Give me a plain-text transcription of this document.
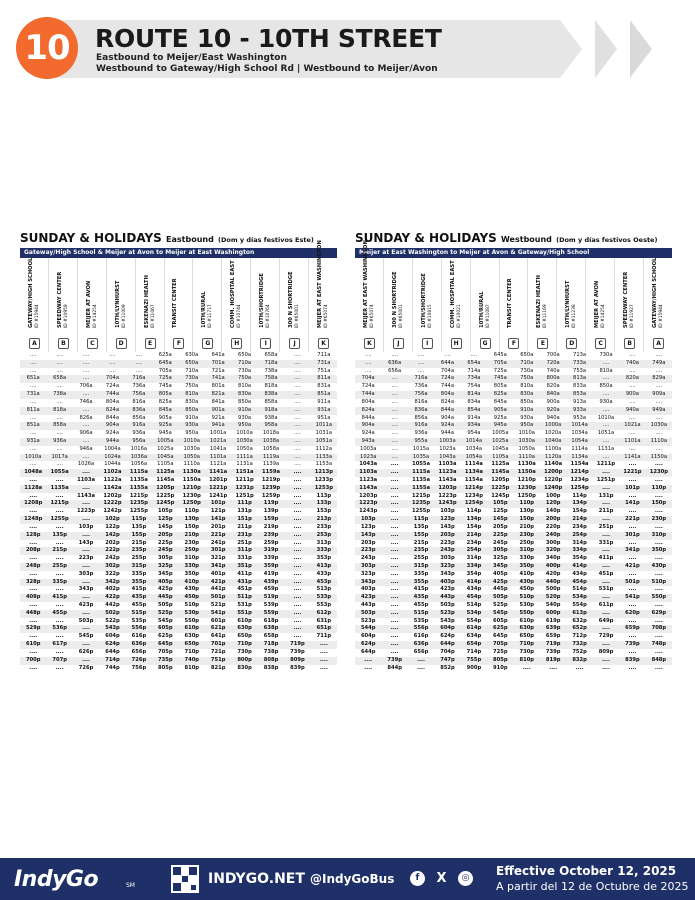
10	ROUTE 10 - 10TH STREET
Eastbound to Meijer/East Washington
Westbound to Gateway/High School Rd | Westbound to Meijer/Avon
SUNDAY & HOLIDAYS Eastbound (Dom y días festivos Este)
Gateway/High School & Meijer at Avon to Meijer at East Washington
GATEWAY/HIGH SCHOOL ID #15944
A
SPEEDWAY CENTER ID #10959
B
MEIJER AT AVON ID #14254
C
10TH/LYNHURST ID #11009
D
ESKENAZI HEALTH ID #11067
E
TRANSIT CENTER
F
10TH/RURAL ID #11717
G
COMM. HOSPITAL EAST ID #10744
H
10TH/SHORTRIDGE ID #10764
I
300 N SHORTRIDGE ID #65001
J
MEIJER AT EAST WASHINGTON ID #65074
K
....	....	....	....	....	625a	630a	641a	650a	658a	....	711a
....	....	....	....	....	645a	650a	701a	710a	718a	....	731a
....	....	....	....	....	705a	710a	721a	730a	738a	....	751a
651a	658a	....	704a	716a	725a	730a	741a	750a	758a	....	811a
....	....	706a	724a	736a	745a	750a	801a	810a	818a	....	831a
731a	738a	....	744a	756a	805a	810a	821a	830a	838a	....	851a
....	....	746a	804a	816a	825a	830a	841a	850a	858a	....	911a
811a	818a	....	824a	836a	845a	850a	901a	910a	918a	....	931a
....	....	826a	844a	856a	905a	910a	921a	930a	938a	....	951a
851a	858a	....	904a	916a	925a	930a	941a	950a	958a	....	1011a
....	....	906a	924a	936a	945a	950a	1001a	1010a	1018a	....	1031a
931a	936a	....	944a	956a	1005a	1010a	1021a	1030a	1038a	....	1051a
....	....	946a	1004a	1016a	1025a	1030a	1041a	1050a	1058a	....	1112a
1010a	1017a	....	1024a	1036a	1045a	1050a	1101a	1111a	1119a	....	1133a
....	....	1026a	1044a	1056a	1105a	1110a	1121a	1131a	1139a	....	1153a
1048a	1055a	....	1102a	1115a	1125a	1130a	1141a	1151a	1159a	....	1213p
....	....	1103a	1122a	1135a	1145a	1150a	1201p	1211p	1219p	....	1233p
1128a	1135a	....	1142a	1155a	1205p	1210p	1221p	1231p	1239p	....	1253p
....	....	1143a	1202p	1215p	1225p	1230p	1241p	1251p	1259p	....	113p
1208p	1215p	....	1222p	1235p	1245p	1250p	101p	111p	119p	....	133p
....	....	1223p	1242p	1255p	105p	110p	121p	131p	139p	....	153p
1248p	1255p	....	102p	115p	125p	130p	141p	151p	159p	....	213p
....	....	103p	122p	135p	145p	150p	201p	211p	219p	....	233p
128p	135p	....	142p	155p	205p	210p	221p	231p	239p	....	253p
....	....	143p	202p	215p	225p	230p	241p	251p	259p	....	313p
208p	215p	....	222p	235p	245p	250p	301p	311p	319p	....	333p
....	....	223p	242p	255p	305p	310p	321p	331p	339p	....	353p
248p	255p	....	302p	315p	325p	330p	341p	351p	359p	....	413p
....	....	303p	322p	335p	345p	350p	401p	411p	419p	....	433p
328p	335p	....	342p	355p	405p	410p	421p	431p	439p	....	453p
....	....	343p	402p	415p	425p	430p	441p	451p	459p	....	513p
408p	415p	....	422p	435p	445p	450p	501p	511p	519p	....	533p
....	....	423p	442p	455p	505p	510p	521p	531p	539p	....	553p
448p	455p	....	502p	515p	525p	530p	541p	551p	559p	....	612p
....	....	503p	522p	535p	545p	550p	601p	610p	618p	....	631p
529p	536p	....	543p	556p	605p	610p	621p	630p	638p	....	651p
....	....	545p	604p	616p	625p	630p	641p	650p	658p	....	711p
610p	617p	....	624p	636p	645p	650p	701p	710p	718p	719p	....
....	....	626p	644p	656p	705p	710p	721p	730p	738p	739p	....
700p	707p	....	714p	726p	735p	740p	751p	800p	808p	809p	....
....	....	726p	744p	756p	805p	810p	821p	830p	838p	839p	....
SUNDAY & HOLIDAYS Westbound (Dom y días festivos Oeste)
Meijer at East Washington to Meijer at Avon & Gateway/High School
MEIJER AT EAST WASHINGTON ID #65074
K
300 N SHORTRIDGE ID #65001
J
10TH/SHORTRIDGE ID #10815
I
COMM. HOSPITAL EAST ID #10021
H
10TH/RURAL ID #11087
G
TRANSIT CENTER
F
ESKENAZI HEALTH ID #11169
E
10TH/LYNHURST ID #11238
D
MEIJER AT AVON ID #14254
C
SPEEDWAY CENTER ID #11927
B
GATEWAY/HIGH SCHOOL ID #15944
A
....	....	....	....	....	645a	650a	700a	713a	730a	....	....
....	636a	....	644a	654a	705a	710a	720a	733a	....	740a	749a
....	656a	....	704a	714a	725a	730a	740a	753a	810a	....	....
704a	....	716a	724a	734a	745a	750a	800a	813a	....	820a	829a
724a	....	736a	744a	754a	805a	810a	820a	833a	850a	....	....
744a	....	756a	804a	814a	825a	830a	840a	853a	....	900a	909a
804a	....	816a	824a	834a	845a	850a	900a	913a	930a	....	....
824a	....	836a	844a	854a	905a	910a	920a	933a	....	940a	949a
844a	....	856a	904a	914a	925a	930a	940a	953a	1010a	....	....
904a	....	916a	924a	934a	945a	950a	1000a	1014a	....	1021a	1030a
924a	....	936a	944a	954a	1005a	1010a	1020a	1034a	1051a	....	....
943a	....	955a	1003a	1014a	1025a	1030a	1040a	1054a	....	1101a	1110a
1003a	....	1015a	1023a	1034a	1045a	1050a	1100a	1114a	1131a	....	....
1023a	....	1035a	1043a	1054a	1105a	1110a	1120a	1134a	....	1141a	1150a
1043a	....	1055a	1103a	1114a	1125a	1130a	1140a	1154a	1211p	....	....
1103a	....	1115a	1123a	1134a	1145a	1150a	1200p	1214p	....	1221p	1230p
1123a	....	1135a	1143a	1154a	1205p	1210p	1220p	1234p	1251p	....	....
1143a	....	1155a	1203p	1214p	1225p	1230p	1240p	1254p	....	101p	110p
1203p	....	1215p	1223p	1234p	1245p	1250p	100p	114p	131p	....	....
1223p	....	1235p	1243p	1254p	105p	110p	120p	134p	....	141p	150p
1243p	....	1255p	103p	114p	125p	130p	140p	154p	211p	....	....
103p	....	115p	123p	134p	145p	150p	200p	214p	....	221p	230p
123p	....	135p	143p	154p	205p	210p	220p	234p	251p	....	....
143p	....	155p	203p	214p	225p	230p	240p	254p	....	301p	310p
203p	....	215p	223p	234p	245p	250p	300p	314p	331p	....	....
223p	....	235p	243p	254p	305p	310p	320p	334p	....	341p	350p
243p	....	255p	303p	314p	325p	330p	340p	354p	411p	....	....
303p	....	315p	323p	334p	345p	350p	400p	414p	....	421p	430p
323p	....	335p	343p	354p	405p	410p	420p	434p	451p	....	....
343p	....	355p	403p	414p	425p	430p	440p	454p	....	501p	510p
403p	....	415p	423p	434p	445p	450p	500p	514p	531p	....	....
423p	....	435p	443p	454p	505p	510p	520p	534p	....	541p	550p
443p	....	455p	503p	514p	525p	530p	540p	554p	611p	....	....
503p	....	515p	523p	534p	545p	550p	600p	613p	....	620p	629p
523p	....	535p	543p	554p	605p	610p	619p	632p	649p	....	....
544p	....	556p	604p	614p	625p	630p	639p	652p	....	659p	708p
604p	....	616p	624p	634p	645p	650p	659p	712p	729p	....	....
624p	....	636p	644p	654p	705p	710p	719p	732p	....	739p	748p
644p	....	656p	704p	714p	725p	730p	739p	752p	809p	....	....
....	739p	....	747p	755p	805p	810p	819p	832p	....	839p	848p
....	844p	....	852p	900p	910p	....	....	....	....	....	....
IndyGo	SM	INDYGO.NET @IndyGoBus	f	X	◎ Effective October 12, 2025
A partir del 12 de Octubre de 2025
